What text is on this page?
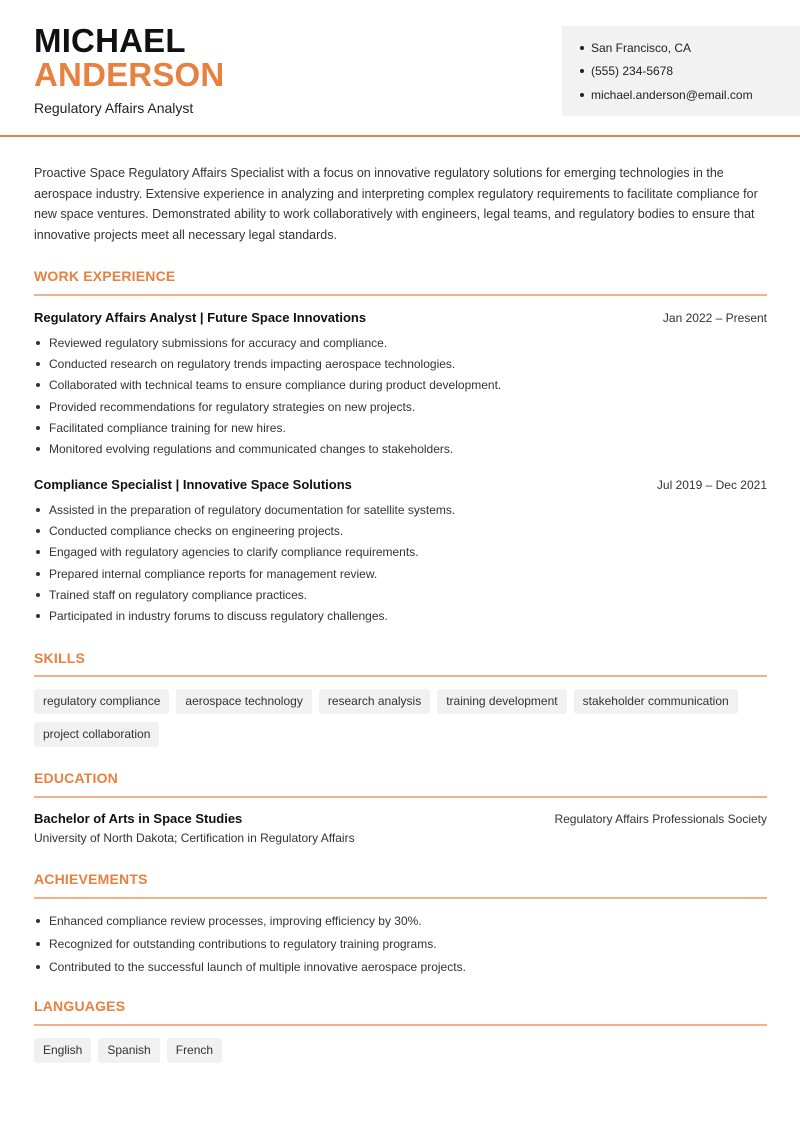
MICHAEL
ANDERSON
Regulatory Affairs Analyst
San Francisco, CA
(555) 234-5678
michael.anderson@email.com

Proactive Space Regulatory Affairs Specialist with a focus on innovative regulatory solutions for emerging technologies in the aerospace industry. Extensive experience in analyzing and interpreting complex regulatory requirements to facilitate compliance for new space ventures. Demonstrated ability to work collaboratively with engineers, legal teams, and regulatory bodies to ensure that innovative projects meet all necessary legal standards.

WORK EXPERIENCE
Regulatory Affairs Analyst | Future Space Innovations	Jan 2022 – Present
Reviewed regulatory submissions for accuracy and compliance.
Conducted research on regulatory trends impacting aerospace technologies.
Collaborated with technical teams to ensure compliance during product development.
Provided recommendations for regulatory strategies on new projects.
Facilitated compliance training for new hires.
Monitored evolving regulations and communicated changes to stakeholders.
Compliance Specialist | Innovative Space Solutions	Jul 2019 – Dec 2021
Assisted in the preparation of regulatory documentation for satellite systems.
Conducted compliance checks on engineering projects.
Engaged with regulatory agencies to clarify compliance requirements.
Prepared internal compliance reports for management review.
Trained staff on regulatory compliance practices.
Participated in industry forums to discuss regulatory challenges.
SKILLS
regulatory compliance	aerospace technology	research analysis	training development	stakeholder communication
project collaboration
EDUCATION
Bachelor of Arts in Space Studies	Regulatory Affairs Professionals Society
University of North Dakota; Certification in Regulatory Affairs
ACHIEVEMENTS
Enhanced compliance review processes, improving efficiency by 30%.
Recognized for outstanding contributions to regulatory training programs.
Contributed to the successful launch of multiple innovative aerospace projects.
LANGUAGES
English	Spanish	French
